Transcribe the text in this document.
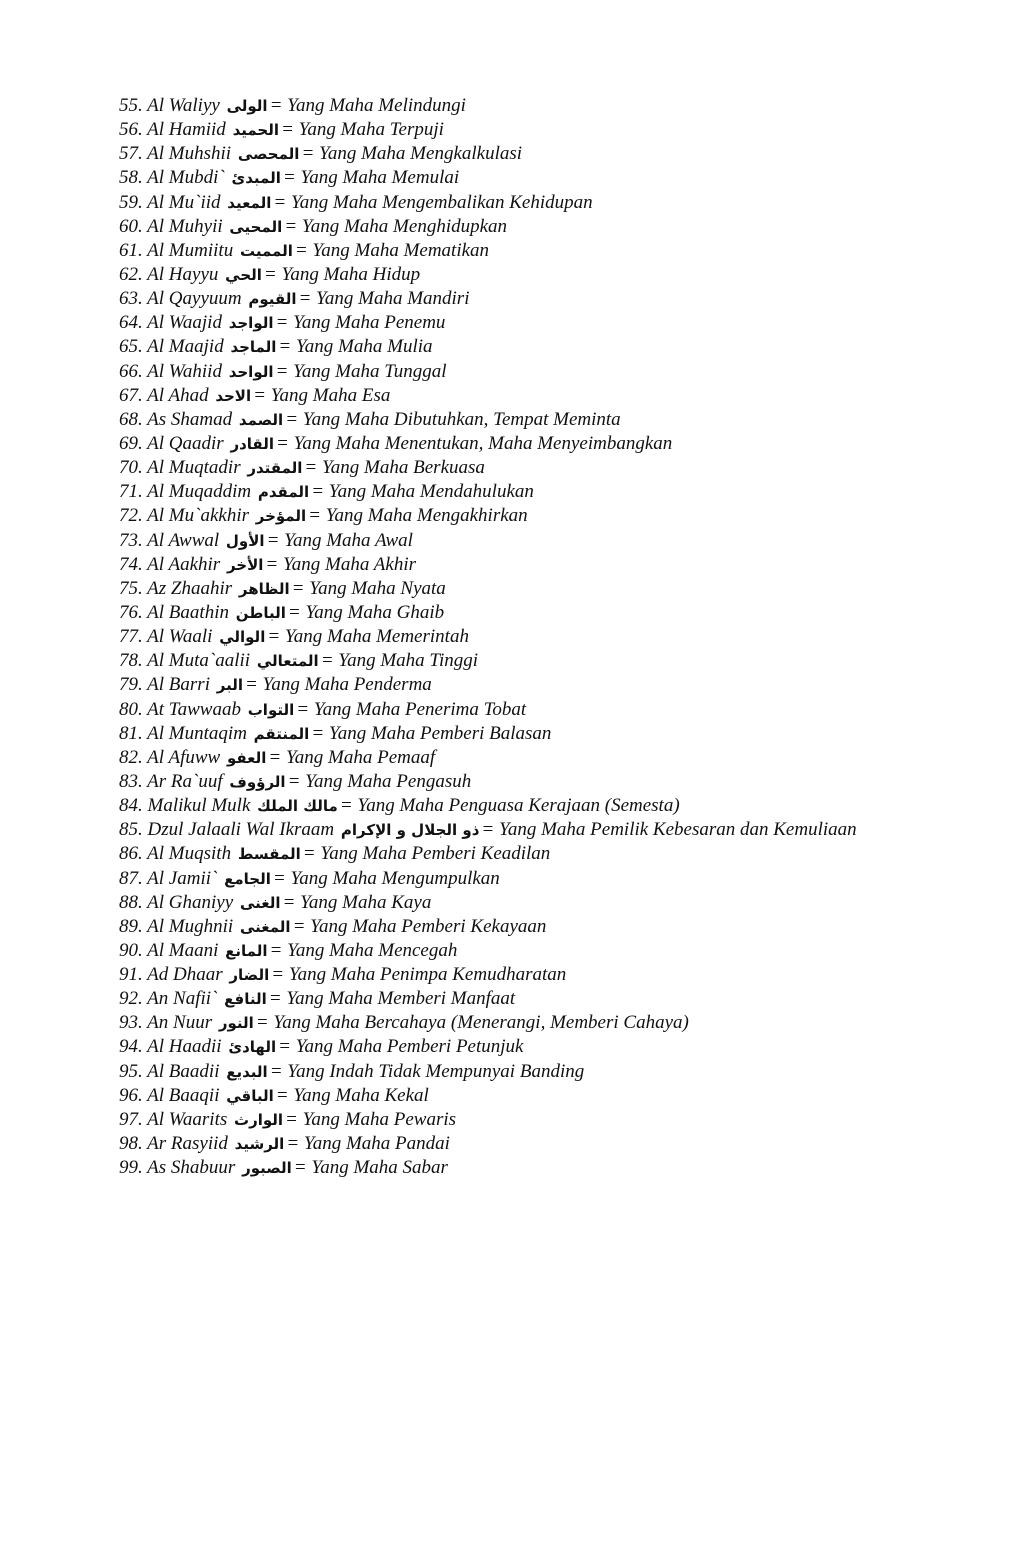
55. Al Waliyy الولى = Yang Maha Melindungi
56. Al Hamiid الحميد = Yang Maha Terpuji
57. Al Muhshii المحصى = Yang Maha Mengkalkulasi
58. Al Mubdi` المبدئ = Yang Maha Memulai
59. Al Mu`iid المعيد = Yang Maha Mengembalikan Kehidupan
60. Al Muhyii المحيى = Yang Maha Menghidupkan
61. Al Mumiitu المميت = Yang Maha Mematikan
62. Al Hayyu الحي = Yang Maha Hidup
63. Al Qayyuum القيوم = Yang Maha Mandiri
64. Al Waajid الواجد = Yang Maha Penemu
65. Al Maajid الماجد = Yang Maha Mulia
66. Al Wahiid الواحد = Yang Maha Tunggal
67. Al Ahad الاحد = Yang Maha Esa
68. As Shamad الصمد = Yang Maha Dibutuhkan, Tempat Meminta
69. Al Qaadir القادر = Yang Maha Menentukan, Maha Menyeimbangkan
70. Al Muqtadir المقتدر = Yang Maha Berkuasa
71. Al Muqaddim المقدم = Yang Maha Mendahulukan
72. Al Mu`akkhir المؤخر = Yang Maha Mengakhirkan
73. Al Awwal الأول = Yang Maha Awal
74. Al Aakhir الأخر = Yang Maha Akhir
75. Az Zhaahir الظاهر = Yang Maha Nyata
76. Al Baathin الباطن = Yang Maha Ghaib
77. Al Waali الوالي = Yang Maha Memerintah
78. Al Muta`aalii المتعالي = Yang Maha Tinggi
79. Al Barri البر = Yang Maha Penderma
80. At Tawwaab التواب = Yang Maha Penerima Tobat
81. Al Muntaqim المنتقم = Yang Maha Pemberi Balasan
82. Al Afuww العفو = Yang Maha Pemaaf
83. Ar Ra`uuf الرؤوف = Yang Maha Pengasuh
84. Malikul Mulk مالك الملك = Yang Maha Penguasa Kerajaan (Semesta)
85. Dzul Jalaali Wal Ikraam ذو الجلال و الإكرام = Yang Maha Pemilik Kebesaran dan Kemuliaan
86. Al Muqsith المقسط = Yang Maha Pemberi Keadilan
87. Al Jamii` الجامع = Yang Maha Mengumpulkan
88. Al Ghaniyy الغنى = Yang Maha Kaya
89. Al Mughnii المغنى = Yang Maha Pemberi Kekayaan
90. Al Maani المانع = Yang Maha Mencegah
91. Ad Dhaar الضار = Yang Maha Penimpa Kemudharatan
92. An Nafii` النافع = Yang Maha Memberi Manfaat
93. An Nuur النور = Yang Maha Bercahaya (Menerangi, Memberi Cahaya)
94. Al Haadii الهادئ = Yang Maha Pemberi Petunjuk
95. Al Baadii البديع = Yang Indah Tidak Mempunyai Banding
96. Al Baaqii الباقي = Yang Maha Kekal
97. Al Waarits الوارث = Yang Maha Pewaris
98. Ar Rasyiid الرشيد = Yang Maha Pandai
99. As Shabuur الصبور = Yang Maha Sabar
